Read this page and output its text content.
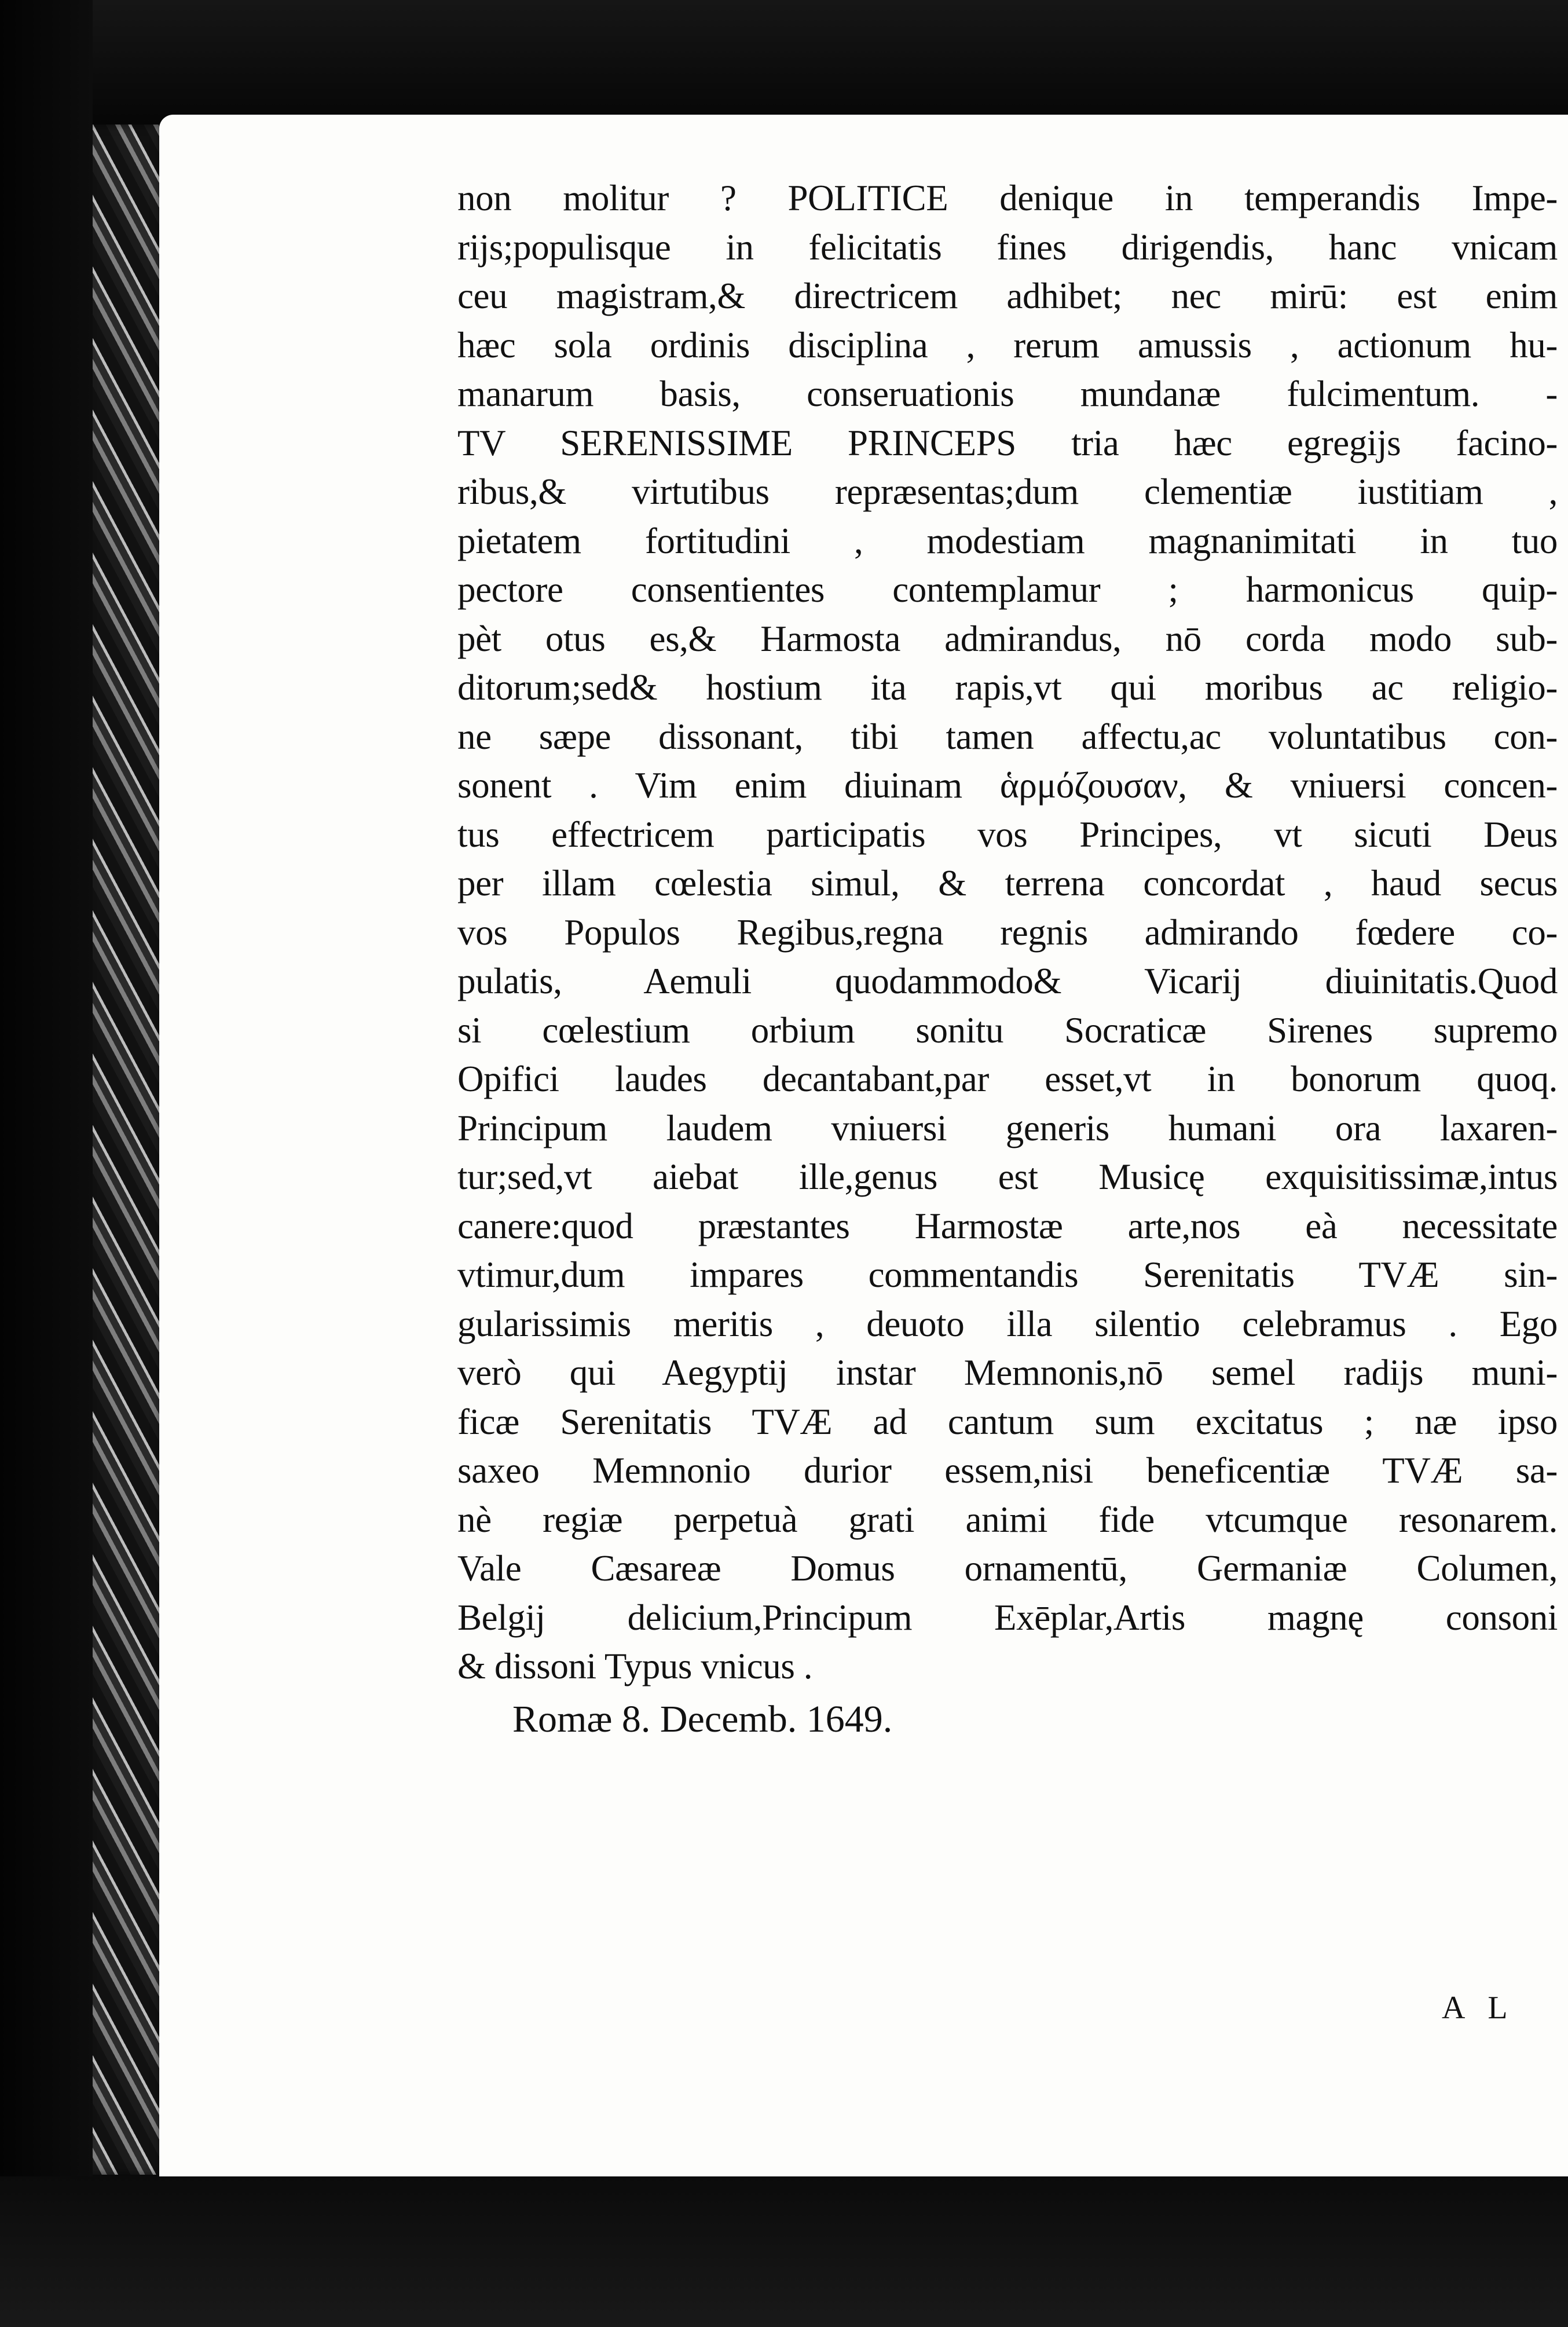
non molitur ? POLITICE denique in temperandis Impe-
rijs;populisque in felicitatis fines dirigendis, hanc vnicam
ceu magistram,& directricem adhibet; nec mirū: est enim
hæc sola ordinis disciplina , rerum amussis , actionum hu-
manarum basis, conseruationis mundanæ fulcimentum. -
TV SERENISSIME PRINCEPS tria hæc egregijs facino-
ribus,& virtutibus repræsentas;dum clementiæ iustitiam ,
pietatem fortitudini , modestiam magnanimitati in tuo
pectore consentientes contemplamur ; harmonicus quip-
pèt otus es,& Harmosta admirandus, nō corda modo sub-
ditorum;sed& hostium ita rapis,vt qui moribus ac religio-
ne sæpe dissonant, tibi tamen affectu,ac voluntatibus con-
sonent . Vim enim diuinam ἁρμόζουσαν, & vniuersi concen-
tus effectricem participatis vos Principes, vt sicuti Deus
per illam cœlestia simul, & terrena concordat , haud secus
vos Populos Regibus,regna regnis admirando fœdere co-
pulatis, Aemuli quodammodo& Vicarij diuinitatis.Quod
si cœlestium orbium sonitu Socraticæ Sirenes supremo
Opifici laudes decantabant,par esset,vt in bonorum quoq.
Principum laudem vniuersi generis humani ora laxaren-
tur;sed,vt aiebat ille,genus est Musicę exquisitissimæ,intus
canere:quod præstantes Harmostæ arte,nos eà necessitate
vtimur,dum impares commentandis Serenitatis TVÆ sin-
gularissimis meritis , deuoto illa silentio celebramus . Ego
verò qui Aegyptij instar Memnonis,nō semel radijs muni-
ficæ Serenitatis TVÆ ad cantum sum excitatus ; næ ipso
saxeo Memnonio durior essem,nisi beneficentiæ TVÆ sa-
nè regiæ perpetuà grati animi fide vtcumque resonarem.
Vale Cæsareæ Domus ornamentū, Germaniæ Columen,
Belgij delicium,Principum Exēplar,Artis magnę consoni
& dissoni Typus vnicus .
Romæ 8. Decemb. 1649.
A L
